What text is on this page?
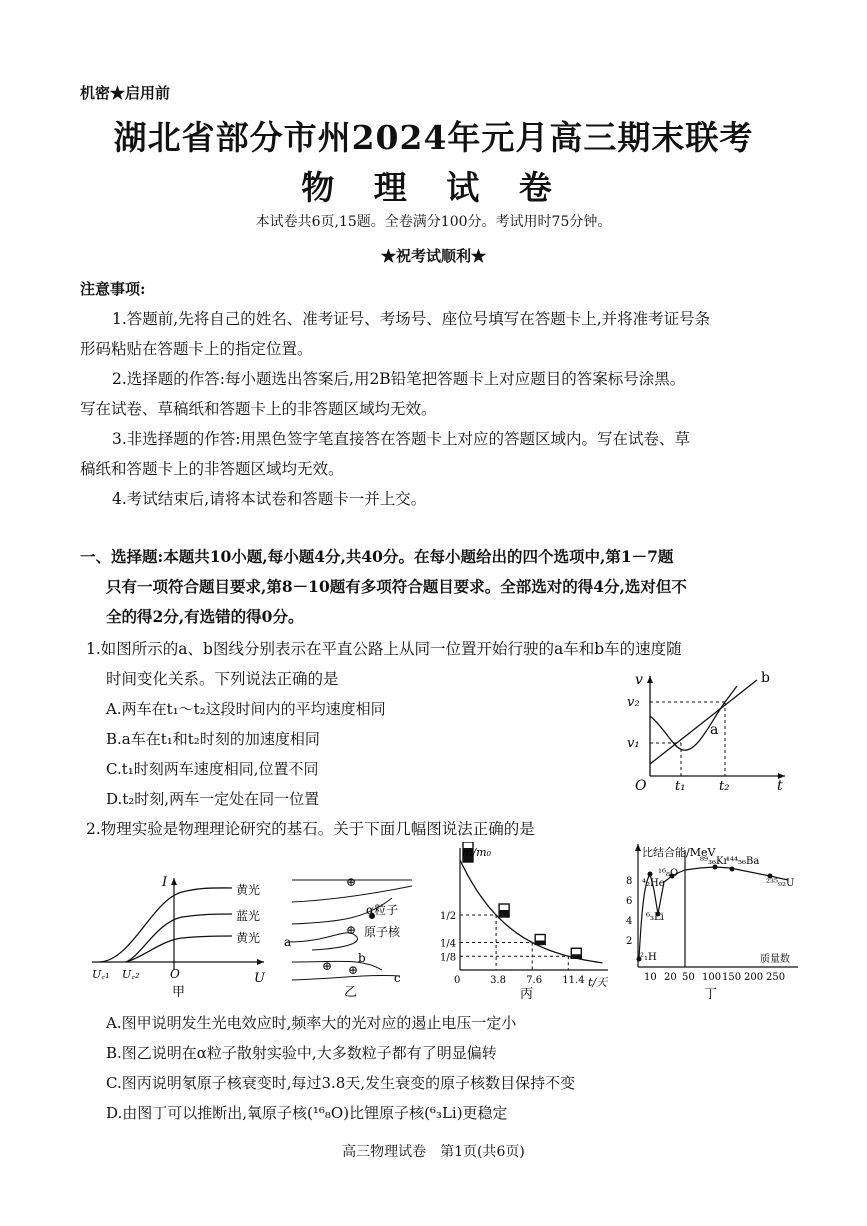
机密★启用前
湖北省部分市州2024年元月高三期末联考
物 理 试 卷
本试卷共6页,15题。全卷满分100分。考试用时75分钟。
★祝考试顺利★
注意事项:
1.答题前,先将自己的姓名、准考证号、考场号、座位号填写在答题卡上,并将准考证号条
形码粘贴在答题卡上的指定位置。
2.选择题的作答:每小题选出答案后,用2B铅笔把答题卡上对应题目的答案标号涂黑。
写在试卷、草稿纸和答题卡上的非答题区域均无效。
3.非选择题的作答:用黑色签字笔直接答在答题卡上对应的答题区域内。写在试卷、草
稿纸和答题卡上的非答题区域均无效。
4.考试结束后,请将本试卷和答题卡一并上交。
一、选择题:本题共10小题,每小题4分,共40分。在每小题给出的四个选项中,第1－7题
只有一项符合题目要求,第8－10题有多项符合题目要求。全部选对的得4分,选对但不
全的得2分,有选错的得0分。
1.如图所示的a、b图线分别表示在平直公路上从同一位置开始行驶的a车和b车的速度随
时间变化关系。下列说法正确的是
A.两车在t₁～t₂这段时间内的平均速度相同
B.a车在t₁和t₂时刻的加速度相同
C.t₁时刻两车速度相同,位置不同
D.t₂时刻,两车一定处在同一位置
v
O
v₂
v₁
t₁	t₂	t
a
b
2.物理实验是物理理论研究的基石。关于下面几幅图说法正确的是
I
U
O
U꜀₁ U꜀₂
黄光
蓝光
黄光
甲
⊕
⊕
⊕ ⊕
α粒子
原子核
a
b
c
乙
0	3.8 7.6 11.4
1/2
1/4
1/8
m/m₀
t/天
丙
比结合能/MeV
质量数
8
6
4
2
10 20 50 100 150 200 250
⁴₂He
¹⁶₈O
⁸⁹₃₆Kr
¹⁴⁴₅₆Ba
²³⁵₉₂U
⁶₃Li
²₁H
丁
A.图甲说明发生光电效应时,频率大的光对应的遏止电压一定小
B.图乙说明在α粒子散射实验中,大多数粒子都有了明显偏转
C.图丙说明氡原子核衰变时,每过3.8天,发生衰变的原子核数目保持不变
D.由图丁可以推断出,氧原子核(¹⁶₈O)比锂原子核(⁶₃Li)更稳定
高三物理试卷　第1页(共6页)
